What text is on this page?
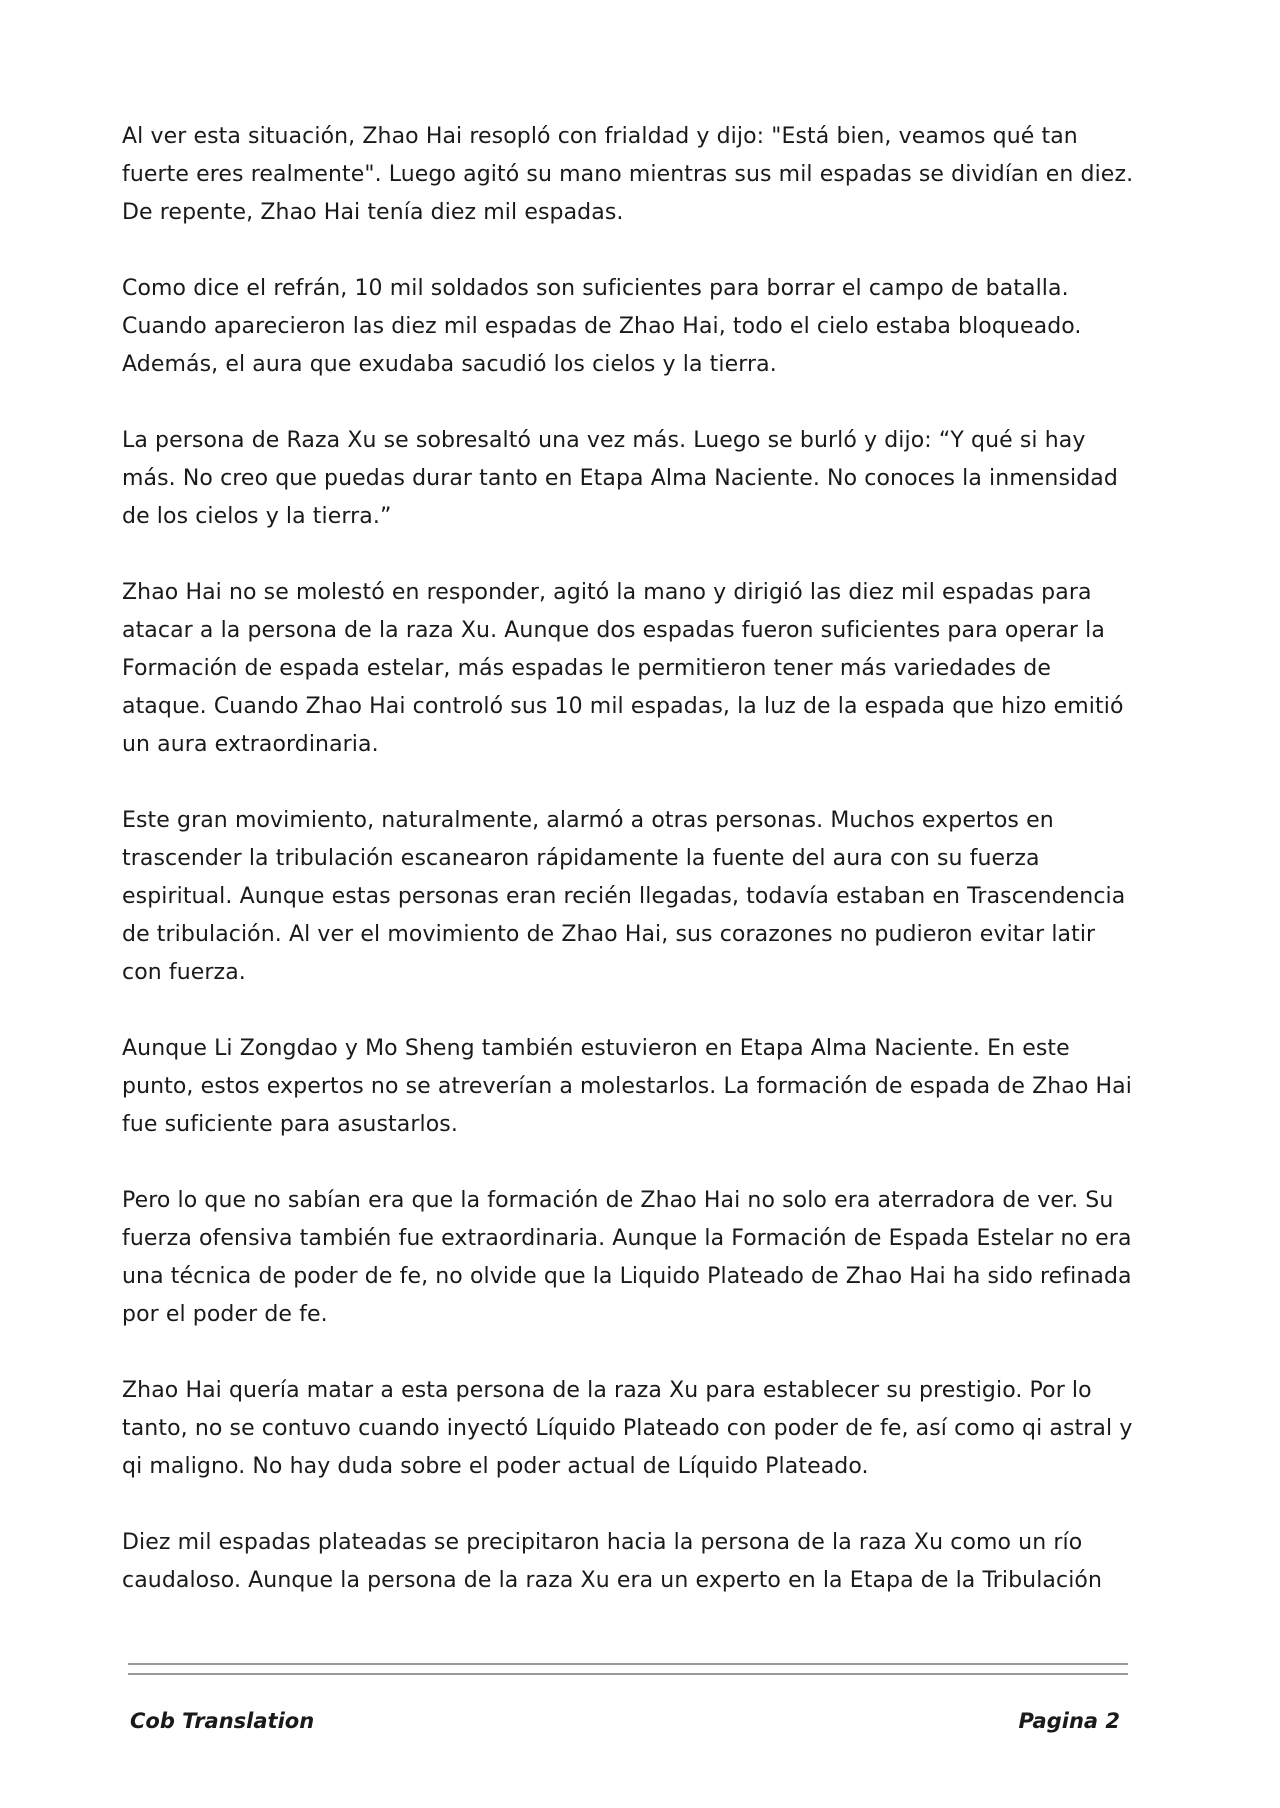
Al ver esta situación, Zhao Hai resopló con frialdad y dijo: "Está bien, veamos qué tan fuerte eres realmente". Luego agitó su mano mientras sus mil espadas se dividían en diez. De repente, Zhao Hai tenía diez mil espadas.

Como dice el refrán, 10 mil soldados son suficientes para borrar el campo de batalla. Cuando aparecieron las diez mil espadas de Zhao Hai, todo el cielo estaba bloqueado. Además, el aura que exudaba sacudió los cielos y la tierra.

La persona de Raza Xu se sobresaltó una vez más. Luego se burló y dijo: “Y qué si hay más. No creo que puedas durar tanto en Etapa Alma Naciente. No conoces la inmensidad de los cielos y la tierra.”

Zhao Hai no se molestó en responder, agitó la mano y dirigió las diez mil espadas para atacar a la persona de la raza Xu. Aunque dos espadas fueron suficientes para operar la Formación de espada estelar, más espadas le permitieron tener más variedades de ataque. Cuando Zhao Hai controló sus 10 mil espadas, la luz de la espada que hizo emitió un aura extraordinaria.

Este gran movimiento, naturalmente, alarmó a otras personas. Muchos expertos en trascender la tribulación escanearon rápidamente la fuente del aura con su fuerza espiritual. Aunque estas personas eran recién llegadas, todavía estaban en Trascendencia de tribulación. Al ver el movimiento de Zhao Hai, sus corazones no pudieron evitar latir con fuerza.

Aunque Li Zongdao y Mo Sheng también estuvieron en Etapa Alma Naciente. En este punto, estos expertos no se atreverían a molestarlos. La formación de espada de Zhao Hai fue suficiente para asustarlos.

Pero lo que no sabían era que la formación de Zhao Hai no solo era aterradora de ver. Su fuerza ofensiva también fue extraordinaria. Aunque la Formación de Espada Estelar no era una técnica de poder de fe, no olvide que la Liquido Plateado de Zhao Hai ha sido refinada por el poder de fe.

Zhao Hai quería matar a esta persona de la raza Xu para establecer su prestigio. Por lo tanto, no se contuvo cuando inyectó Líquido Plateado con poder de fe, así como qi astral y qi maligno. No hay duda sobre el poder actual de Líquido Plateado.

Diez mil espadas plateadas se precipitaron hacia la persona de la raza Xu como un río caudaloso. Aunque la persona de la raza Xu era un experto en la Etapa de la Tribulación

Cob Translation	Pagina 2
